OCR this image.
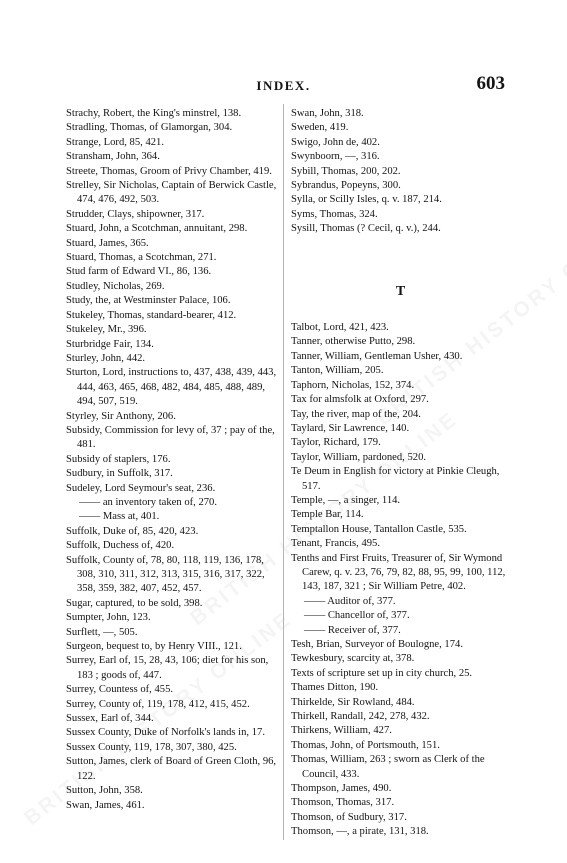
INDEX.	603
Strachy, Robert, the King's minstrel, 138.
Stradling, Thomas, of Glamorgan, 304.
Strange, Lord, 85, 421.
Stransham, John, 364.
Streete, Thomas, Groom of Privy Chamber, 419.
Strelley, Sir Nicholas, Captain of Berwick Castle, 474, 476, 492, 503.
Strudder, Clays, shipowner, 317.
Stuard, John, a Scotchman, annuitant, 298.
Stuard, James, 365.
Stuard, Thomas, a Scotchman, 271.
Stud farm of Edward VI., 86, 136.
Studley, Nicholas, 269.
Study, the, at Westminster Palace, 106.
Stukeley, Thomas, standard-bearer, 412.
Stukeley, Mr., 396.
Sturbridge Fair, 134.
Sturley, John, 442.
Sturton, Lord, instructions to, 437, 438, 439, 443, 444, 463, 465, 468, 482, 484, 485, 488, 489, 494, 507, 519.
Styrley, Sir Anthony, 206.
Subsidy, Commission for levy of, 37 ; pay of the, 481.
Subsidy of staplers, 176.
Sudbury, in Suffolk, 317.
Sudeley, Lord Seymour's seat, 236.
—— an inventory taken of, 270.
—— Mass at, 401.
Suffolk, Duke of, 85, 420, 423.
Suffolk, Duchess of, 420.
Suffolk, County of, 78, 80, 118, 119, 136, 178, 308, 310, 311, 312, 313, 315, 316, 317, 322, 358, 359, 382, 407, 452, 457.
Sugar, captured, to be sold, 398.
Sumpter, John, 123.
Surflett, —, 505.
Surgeon, bequest to, by Henry VIII., 121.
Surrey, Earl of, 15, 28, 43, 106; diet for his son, 183 ; goods of, 447.
Surrey, Countess of, 455.
Surrey, County of, 119, 178, 412, 415, 452.
Sussex, Earl of, 344.
Sussex County, Duke of Norfolk's lands in, 17.
Sussex County, 119, 178, 307, 380, 425.
Sutton, James, clerk of Board of Green Cloth, 96, 122.
Sutton, John, 358.
Swan, James, 461.
Swan, John, 318.
Sweden, 419.
Swigo, John de, 402.
Swynboorn, —, 316.
Sybill, Thomas, 200, 202.
Sybrandus, Popeyns, 300.
Sylla, or Scilly Isles, q. v. 187, 214.
Syms, Thomas, 324.
Sysill, Thomas (? Cecil, q. v.), 244.
T
Talbot, Lord, 421, 423.
Tanner, otherwise Putto, 298.
Tanner, William, Gentleman Usher, 430.
Tanton, William, 205.
Taphorn, Nicholas, 152, 374.
Tax for almsfolk at Oxford, 297.
Tay, the river, map of the, 204.
Taylard, Sir Lawrence, 140.
Taylor, Richard, 179.
Taylor, William, pardoned, 520.
Te Deum in English for victory at Pinkie Cleugh, 517.
Temple, —, a singer, 114.
Temple Bar, 114.
Temptallon House, Tantallon Castle, 535.
Tenant, Francis, 495.
Tenths and First Fruits, Treasurer of, Sir Wymond Carew, q. v. 23, 76, 79, 82, 88, 95, 99, 100, 112, 143, 187, 321 ; Sir William Petre, 402.
—— Auditor of, 377.
—— Chancellor of, 377.
—— Receiver of, 377.
Tesh, Brian, Surveyor of Boulogne, 174.
Tewkesbury, scarcity at, 378.
Texts of scripture set up in city church, 25.
Thames Ditton, 190.
Thirkelde, Sir Rowland, 484.
Thirkell, Randall, 242, 278, 432.
Thirkens, William, 427.
Thomas, John, of Portsmouth, 151.
Thomas, William, 263 ; sworn as Clerk of the Council, 433.
Thompson, James, 490.
Thomson, Thomas, 317.
Thomson, of Sudbury, 317.
Thomson, —, a pirate, 131, 318.
